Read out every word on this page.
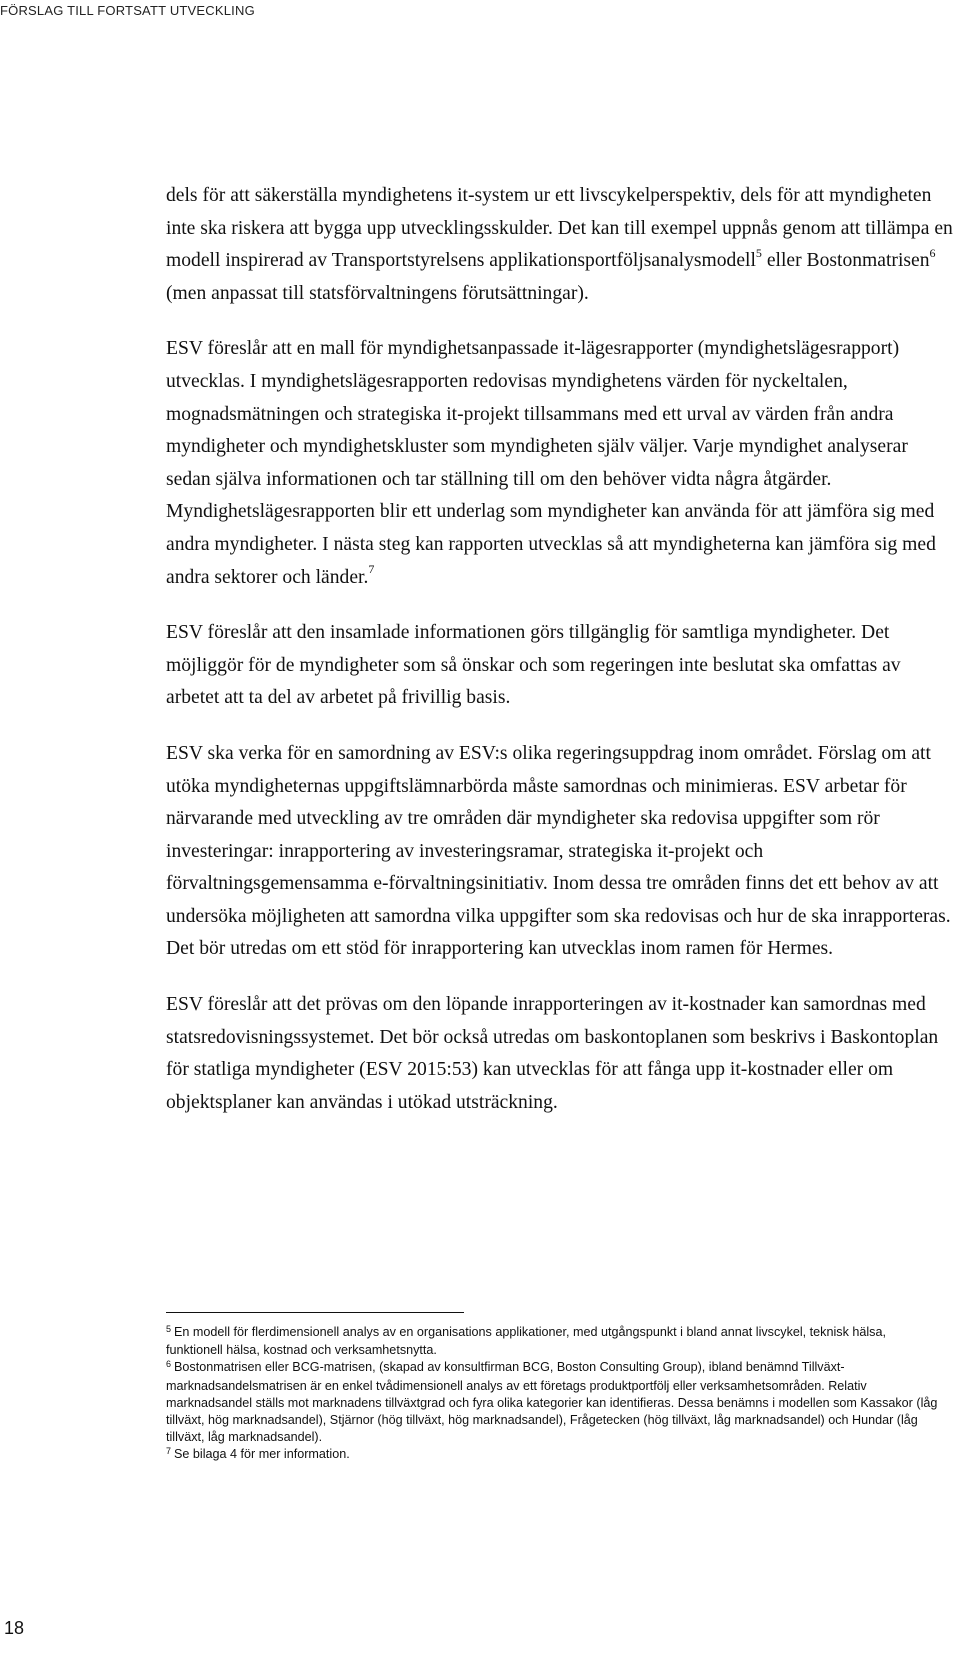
FÖRSLAG TILL FORTSATT UTVECKLING

dels för att säkerställa myndighetens it-system ur ett livscykelperspektiv, dels för att myndigheten inte ska riskera att bygga upp utvecklingsskulder. Det kan till exempel uppnås genom att tillämpa en modell inspirerad av Transportstyrelsens applikationsportföljsanalysmodell$^5$ eller Bostonmatrisen$^6$ (men anpassat till statsförvaltningens förutsättningar).

ESV föreslår att en mall för myndighetsanpassade it-lägesrapporter (myndighetslägesrapport) utvecklas. I myndighetslägesrapporten redovisas myndighetens värden för nyckeltalen, mognadsmätningen och strategiska it-projekt tillsammans med ett urval av värden från andra myndigheter och myndighetskluster som myndigheten själv väljer. Varje myndighet analyserar sedan själva informationen och tar ställning till om den behöver vidta några åtgärder. Myndighetslägesrapporten blir ett underlag som myndigheter kan använda för att jämföra sig med andra myndigheter. I nästa steg kan rapporten utvecklas så att myndigheterna kan jämföra sig med andra sektorer och länder.$^7$

ESV föreslår att den insamlade informationen görs tillgänglig för samtliga myndigheter. Det möjliggör för de myndigheter som så önskar och som regeringen inte beslutat ska omfattas av arbetet att ta del av arbetet på frivillig basis.

ESV ska verka för en samordning av ESV:s olika regeringsuppdrag inom området. Förslag om att utöka myndigheternas uppgiftslämnarbörda måste samordnas och minimieras. ESV arbetar för närvarande med utveckling av tre områden där myndigheter ska redovisa uppgifter som rör investeringar: inrapportering av investeringsramar, strategiska it-projekt och förvaltningsgemensamma e-förvaltningsinitiativ. Inom dessa tre områden finns det ett behov av att undersöka möjligheten att samordna vilka uppgifter som ska redovisas och hur de ska inrapporteras. Det bör utredas om ett stöd för inrapportering kan utvecklas inom ramen för Hermes.

ESV föreslår att det prövas om den löpande inrapporteringen av it-kostnader kan samordnas med statsredovisningssystemet. Det bör också utredas om baskontoplanen som beskrivs i Baskontoplan för statliga myndigheter (ESV 2015:53) kan utvecklas för att fånga upp it-kostnader eller om objektsplaner kan användas i utökad utsträckning.

$^5$ En modell för flerdimensionell analys av en organisations applikationer, med utgångspunkt i bland annat livscykel, teknisk hälsa, funktionell hälsa, kostnad och verksamhetsnytta.

$^6$ Bostonmatrisen eller BCG-matrisen, (skapad av konsultfirman BCG, Boston Consulting Group), ibland benämnd Tillväxt-marknadsandelsmatrisen är en enkel tvådimensionell analys av ett företags produktportfölj eller verksamhetsområden. Relativ marknadsandel ställs mot marknadens tillväxtgrad och fyra olika kategorier kan identifieras. Dessa benämns i modellen som Kassakor (låg tillväxt, hög marknadsandel), Stjärnor (hög tillväxt, hög marknadsandel), Frågetecken (hög tillväxt, låg marknadsandel) och Hundar (låg tillväxt, låg marknadsandel).

$^7$ Se bilaga 4 för mer information.

18
